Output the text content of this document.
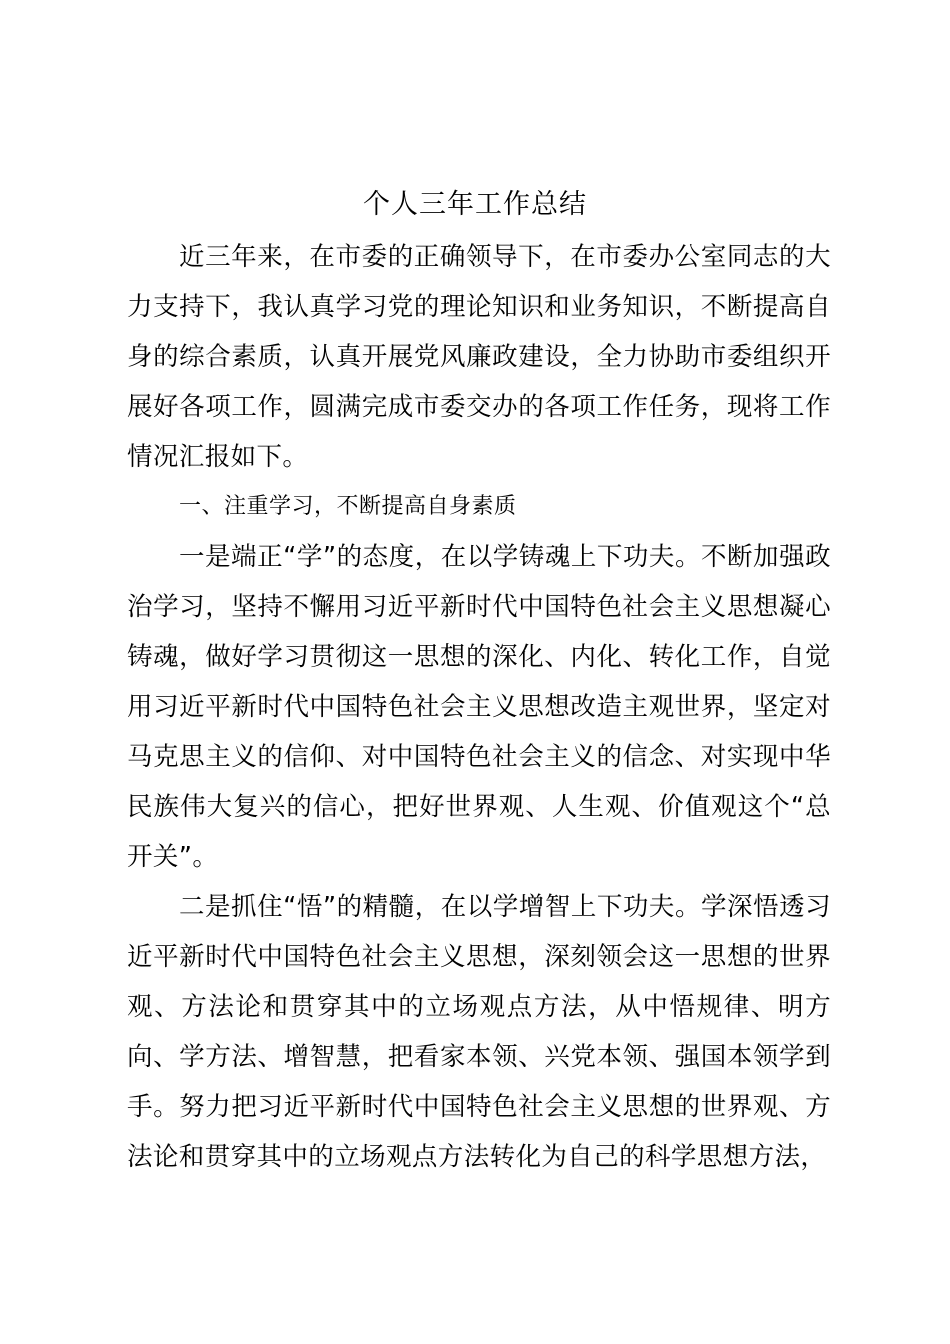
个人三年工作总结

近三年来，在市委的正确领导下，在市委办公室同志的大力支持下，我认真学习党的理论知识和业务知识，不断提高自身的综合素质，认真开展党风廉政建设，全力协助市委组织开展好各项工作，圆满完成市委交办的各项工作任务，现将工作情况汇报如下。

一、注重学习，不断提高自身素质

一是端正“学”的态度，在以学铸魂上下功夫。不断加强政治学习，坚持不懈用习近平新时代中国特色社会主义思想凝心铸魂，做好学习贯彻这一思想的深化、内化、转化工作，自觉用习近平新时代中国特色社会主义思想改造主观世界，坚定对马克思主义的信仰、对中国特色社会主义的信念、对实现中华民族伟大复兴的信心，把好世界观、人生观、价值观这个“总开关”。

二是抓住“悟”的精髓，在以学增智上下功夫。学深悟透习近平新时代中国特色社会主义思想，深刻领会这一思想的世界观、方法论和贯穿其中的立场观点方法，从中悟规律、明方向、学方法、增智慧，把看家本领、兴党本领、强国本领学到手。努力把习近平新时代中国特色社会主义思想的世界观、方法论和贯穿其中的立场观点方法转化为自己的科学思想方法，
